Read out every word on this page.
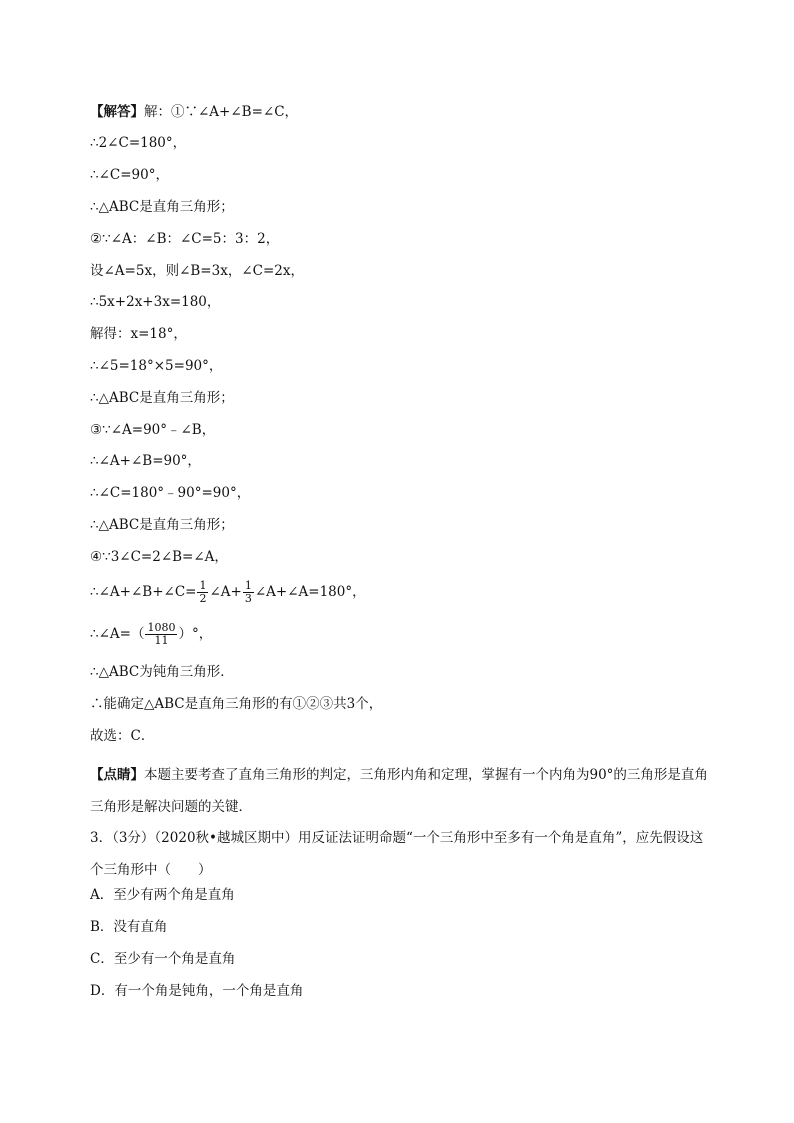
【解答】解：①∵∠A+∠B=∠C，
∴2∠C=180°，
∴∠C=90°，
∴△ABC是直角三角形；
②∵∠A：∠B：∠C=5：3：2，
设∠A=5x，则∠B=3x，∠C=2x，
∴5x+2x+3x=180，
解得：x=18°，
∴∠5=18°×5=90°，
∴△ABC是直角三角形；
③∵∠A=90°﹣∠B，
∴∠A+∠B=90°，
∴∠C=180°﹣90°=90°，
∴△ABC是直角三角形；
④∵3∠C=2∠B=∠A，
∴∠A+∠B+∠C= $\frac{1}{2}$ ∠A+ $\frac{1}{3}$ ∠A+∠A=180°，
∴∠A=（ $\frac{1080}{11}$ ）°，
∴△ABC为钝角三角形．
∴能确定△ABC是直角三角形的有①②③共3个，
故选：C．
【点睛】本题主要考查了直角三角形的判定，三角形内角和定理，掌握有一个内角为90°的三角形是直角三角形是解决问题的关键．
3．（3分）（2020秋•越城区期中）用反证法证明命题“一个三角形中至多有一个角是直角”，应先假设这个三角形中（　　）
A．至少有两个角是直角
B．没有直角
C．至少有一个角是直角
D．有一个角是钝角，一个角是直角
